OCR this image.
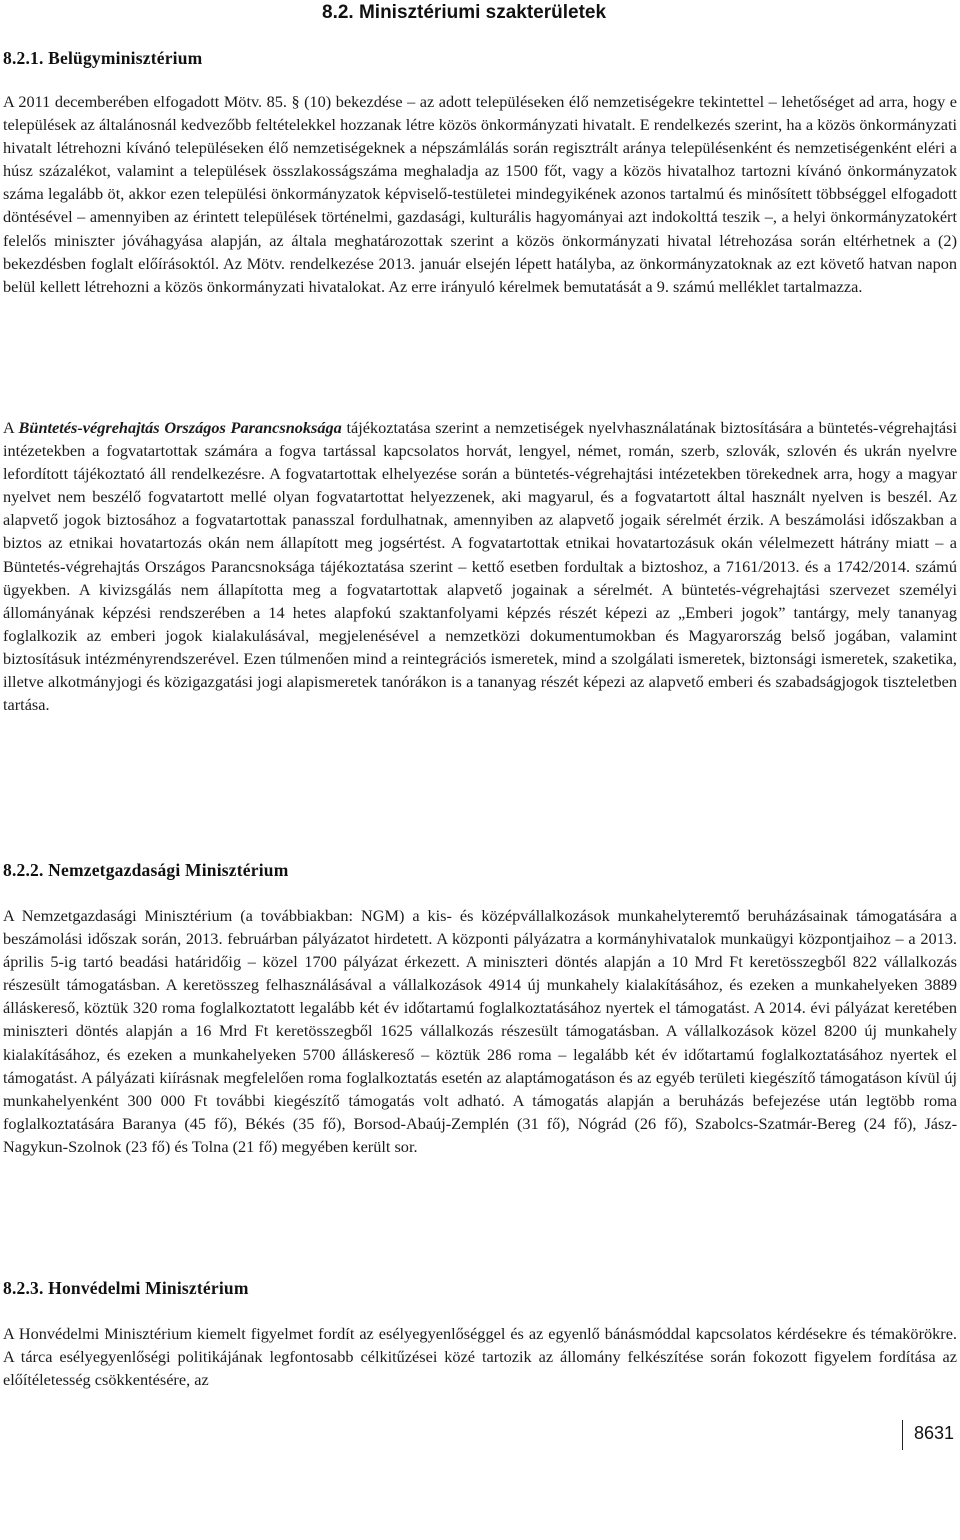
8.2. Minisztériumi szakterületek
8.2.1. Belügyminisztérium

A 2011 decemberében elfogadott Mötv. 85. § (10) bekezdése – az adott településeken élő nemzetiségekre tekintettel – lehetőséget ad arra, hogy e települések az általánosnál kedvezőbb feltételekkel hozzanak létre közös önkormányzati hivatalt. E rendelkezés szerint, ha a közös önkormányzati hivatalt létrehozni kívánó településeken élő nemzetiségeknek a népszámlálás során regisztrált aránya településenként és nemzetiségenként eléri a húsz százalékot, valamint a települések összlakosságszáma meghaladja az 1500 főt, vagy a közös hivatalhoz tartozni kívánó önkormányzatok száma legalább öt, akkor ezen települési önkormányzatok képviselő-testületei mindegyikének azonos tartalmú és minősített többséggel elfogadott döntésével – amennyiben az érintett települések történelmi, gazdasági, kulturális hagyományai azt indokolttá teszik –, a helyi önkormányzatokért felelős miniszter jóváhagyása alapján, az általa meghatározottak szerint a közös önkormányzati hivatal létrehozása során eltérhetnek a (2) bekezdésben foglalt előírásoktól. Az Mötv. rendelkezése 2013. január elsején lépett hatályba, az önkormányzatoknak az ezt követő hatvan napon belül kellett létrehozni a közös önkormányzati hivatalokat. Az erre irányuló kérelmek bemutatását a 9. számú melléklet tartalmazza.

A Büntetés-végrehajtás Országos Parancsnoksága tájékoztatása szerint a nemzetiségek nyelvhasználatának biztosítására a büntetés-végrehajtási intézetekben a fogvatartottak számára a fogva tartással kapcsolatos horvát, lengyel, német, román, szerb, szlovák, szlovén és ukrán nyelvre lefordított tájékoztató áll rendelkezésre. A fogvatartottak elhelyezése során a büntetés-végrehajtási intézetekben törekednek arra, hogy a magyar nyelvet nem beszélő fogvatartott mellé olyan fogvatartottat helyezzenek, aki magyarul, és a fogvatartott által használt nyelven is beszél. Az alapvető jogok biztosához a fogvatartottak panasszal fordulhatnak, amennyiben az alapvető jogaik sérelmét érzik. A beszámolási időszakban a biztos az etnikai hovatartozás okán nem állapított meg jogsértést. A fogvatartottak etnikai hovatartozásuk okán vélelmezett hátrány miatt – a Büntetés-végrehajtás Országos Parancsnoksága tájékoztatása szerint – kettő esetben fordultak a biztoshoz, a 7161/2013. és a 1742/2014. számú ügyekben. A kivizsgálás nem állapította meg a fogvatartottak alapvető jogainak a sérelmét. A büntetés-végrehajtási szervezet személyi állományának képzési rendszerében a 14 hetes alapfokú szaktanfolyami képzés részét képezi az „Emberi jogok” tantárgy, mely tananyag foglalkozik az emberi jogok kialakulásával, megjelenésével a nemzetközi dokumentumokban és Magyarország belső jogában, valamint biztosításuk intézményrendszerével. Ezen túlmenően mind a reintegrációs ismeretek, mind a szolgálati ismeretek, biztonsági ismeretek, szaketika, illetve alkotmányjogi és közigazgatási jogi alapismeretek tanórákon is a tananyag részét képezi az alapvető emberi és szabadságjogok tiszteletben tartása.

8.2.2. Nemzetgazdasági Minisztérium

A Nemzetgazdasági Minisztérium (a továbbiakban: NGM) a kis- és középvállalkozások munkahelyteremtő beruházásainak támogatására a beszámolási időszak során, 2013. februárban pályázatot hirdetett. A központi pályázatra a kormányhivatalok munkaügyi központjaihoz – a 2013. április 5-ig tartó beadási határidőig – közel 1700 pályázat érkezett. A miniszteri döntés alapján a 10 Mrd Ft keretösszegből 822 vállalkozás részesült támogatásban. A keretösszeg felhasználásával a vállalkozások 4914 új munkahely kialakításához, és ezeken a munkahelyeken 3889 álláskereső, köztük 320 roma foglalkoztatott legalább két év időtartamú foglalkoztatásához nyertek el támogatást. A 2014. évi pályázat keretében miniszteri döntés alapján a 16 Mrd Ft keretösszegből 1625 vállalkozás részesült támogatásban. A vállalkozások közel 8200 új munkahely kialakításához, és ezeken a munkahelyeken 5700 álláskereső – köztük 286 roma – legalább két év időtartamú foglalkoztatásához nyertek el támogatást. A pályázati kiírásnak megfelelően roma foglalkoztatás esetén az alaptámogatáson és az egyéb területi kiegészítő támogatáson kívül új munkahelyenként 300 000 Ft további kiegészítő támogatás volt adható. A támogatás alapján a beruházás befejezése után legtöbb roma foglalkoztatására Baranya (45 fő), Békés (35 fő), Borsod-Abaúj-Zemplén (31 fő), Nógrád (26 fő), Szabolcs-Szatmár-Bereg (24 fő), Jász-Nagykun-Szolnok (23 fő) és Tolna (21 fő) megyében került sor.

8.2.3. Honvédelmi Minisztérium

A Honvédelmi Minisztérium kiemelt figyelmet fordít az esélyegyenlőséggel és az egyenlő bánásmóddal kapcsolatos kérdésekre és témakörökre. A tárca esélyegyenlőségi politikájának legfontosabb célkitűzései közé tartozik az állomány felkészítése során fokozott figyelem fordítása az előítéletesség csökkentésére, az

8631
